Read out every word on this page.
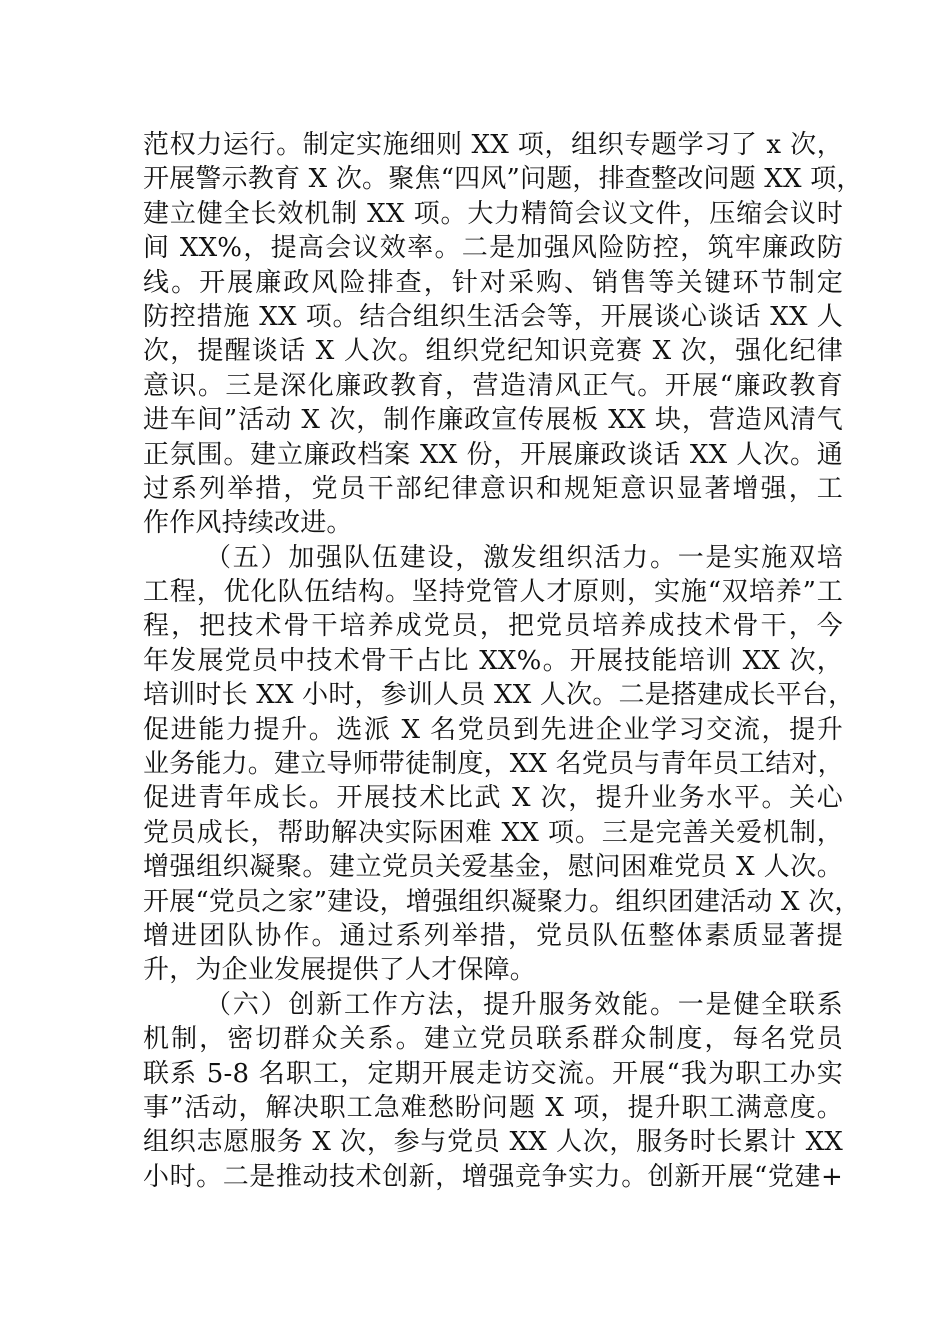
范权力运行。制定实施细则 XX 项，组织专题学习了 x 次，
开展警示教育 X 次。聚焦“四风”问题，排查整改问题 XX 项，
建立健全长效机制 XX 项。大力精简会议文件，压缩会议时
间 XX%，提高会议效率。二是加强风险防控，筑牢廉政防
线。开展廉政风险排查，针对采购、销售等关键环节制定
防控措施 XX 项。结合组织生活会等，开展谈心谈话 XX 人
次，提醒谈话 X 人次。组织党纪知识竞赛 X 次，强化纪律
意识。三是深化廉政教育，营造清风正气。开展“廉政教育
进车间”活动 X 次，制作廉政宣传展板 XX 块，营造风清气
正氛围。建立廉政档案 XX 份，开展廉政谈话 XX 人次。通
过系列举措，党员干部纪律意识和规矩意识显著增强，工
作作风持续改进。
（五）加强队伍建设，激发组织活力。一是实施双培
工程，优化队伍结构。坚持党管人才原则，实施“双培养”工
程，把技术骨干培养成党员，把党员培养成技术骨干，今
年发展党员中技术骨干占比 XX%。开展技能培训 XX 次，
培训时长 XX 小时，参训人员 XX 人次。二是搭建成长平台，
促进能力提升。选派 X 名党员到先进企业学习交流，提升
业务能力。建立导师带徒制度，XX 名党员与青年员工结对，
促进青年成长。开展技术比武 X 次，提升业务水平。关心
党员成长，帮助解决实际困难 XX 项。三是完善关爱机制，
增强组织凝聚。建立党员关爱基金，慰问困难党员 X 人次。
开展“党员之家”建设，增强组织凝聚力。组织团建活动 X 次，
增进团队协作。通过系列举措，党员队伍整体素质显著提
升，为企业发展提供了人才保障。
（六）创新工作方法，提升服务效能。一是健全联系
机制，密切群众关系。建立党员联系群众制度，每名党员
联系 5-8 名职工，定期开展走访交流。开展“我为职工办实
事”活动，解决职工急难愁盼问题 X 项，提升职工满意度。
组织志愿服务 X 次，参与党员 XX 人次，服务时长累计 XX
小时。二是推动技术创新，增强竞争实力。创新开展“党建+
